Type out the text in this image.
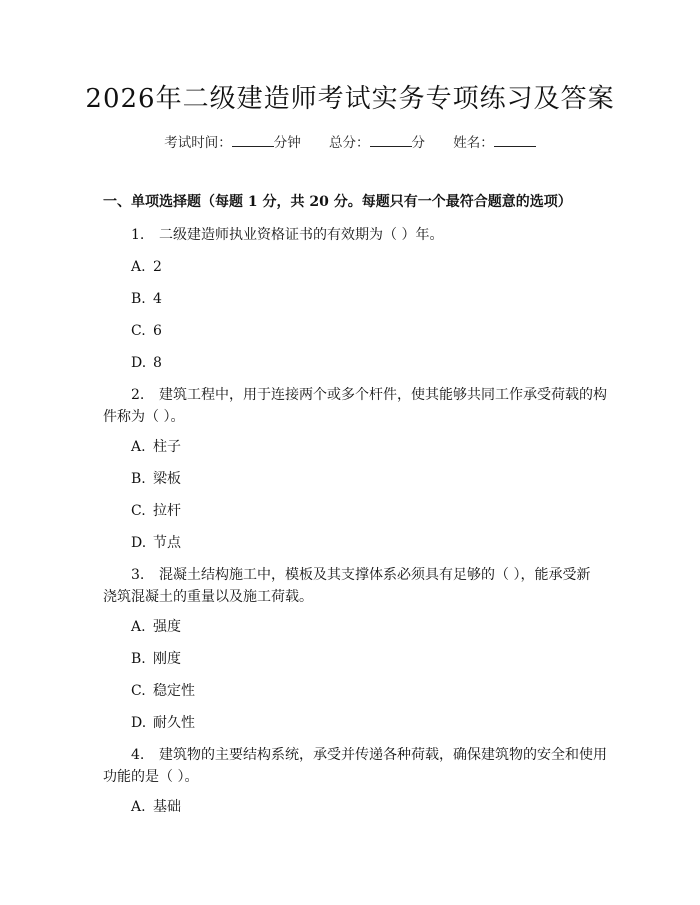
2026年二级建造师考试实务专项练习及答案
考试时间：	分钟 总分：	分 姓名：
一、单项选择题（每题 1 分，共 20 分。每题只有一个最符合题意的选项）
1. 二级建造师执业资格证书的有效期为（ ）年。
A. 2
B. 4
C. 6
D. 8
2. 建筑工程中，用于连接两个或多个杆件，使其能够共同工作承受荷载的构
件称为（ ）。
A. 柱子
B. 梁板
C. 拉杆
D. 节点
3. 混凝土结构施工中，模板及其支撑体系必须具有足够的（ ），能承受新
浇筑混凝土的重量以及施工荷载。
A. 强度
B. 刚度
C. 稳定性
D. 耐久性
4. 建筑物的主要结构系统，承受并传递各种荷载，确保建筑物的安全和使用
功能的是（ ）。
A. 基础
